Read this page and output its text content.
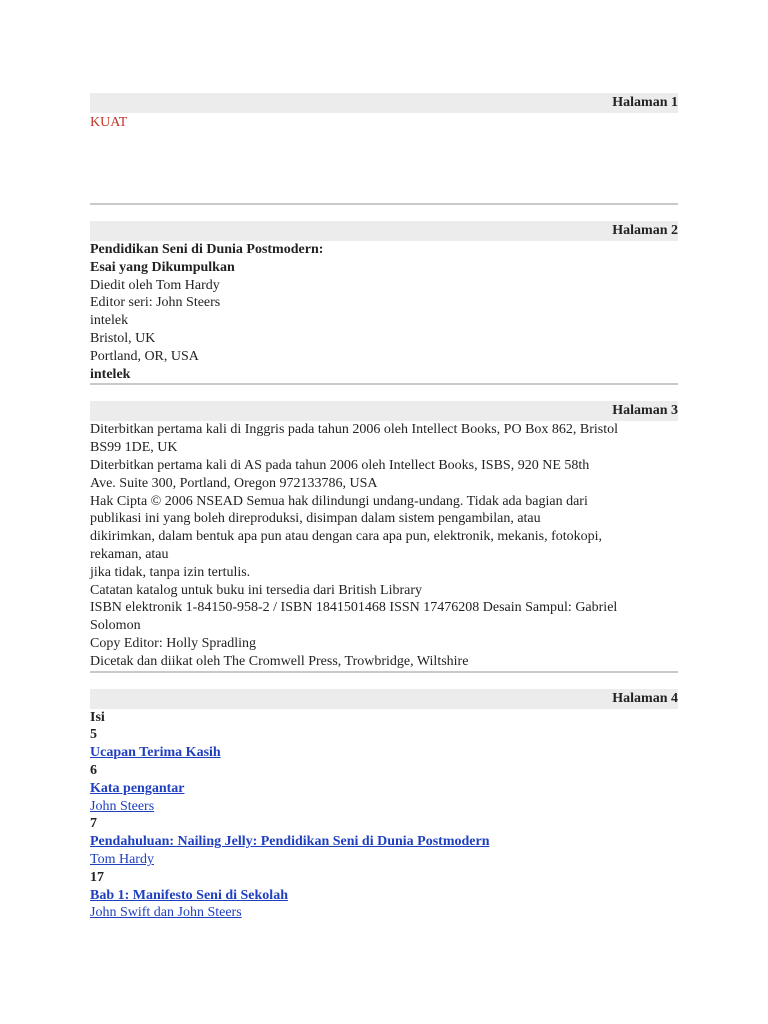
Halaman 1
KUAT
Halaman 2
Pendidikan Seni di Dunia Postmodern:
Esai yang Dikumpulkan
Diedit oleh Tom Hardy
Editor seri: John Steers
intelek
Bristol, UK
Portland, OR, USA
intelek
Halaman 3
Diterbitkan pertama kali di Inggris pada tahun 2006 oleh Intellect Books, PO Box 862, Bristol
BS99 1DE, UK
Diterbitkan pertama kali di AS pada tahun 2006 oleh Intellect Books, ISBS, 920 NE 58th
Ave. Suite 300, Portland, Oregon 972133786, USA
Hak Cipta © 2006 NSEAD Semua hak dilindungi undang-undang. Tidak ada bagian dari
publikasi ini yang boleh direproduksi, disimpan dalam sistem pengambilan, atau
dikirimkan, dalam bentuk apa pun atau dengan cara apa pun, elektronik, mekanis, fotokopi,
rekaman, atau
jika tidak, tanpa izin tertulis.
Catatan katalog untuk buku ini tersedia dari British Library
ISBN elektronik 1-84150-958-2 / ISBN 1841501468 ISSN 17476208 Desain Sampul: Gabriel
Solomon
Copy Editor: Holly Spradling
Dicetak dan diikat oleh The Cromwell Press, Trowbridge, Wiltshire
Halaman 4
Isi
5
Ucapan Terima Kasih
6
Kata pengantar
John Steers
7
Pendahuluan: Nailing Jelly: Pendidikan Seni di Dunia Postmodern
Tom Hardy
17
Bab 1: Manifesto Seni di Sekolah
John Swift dan John Steers
